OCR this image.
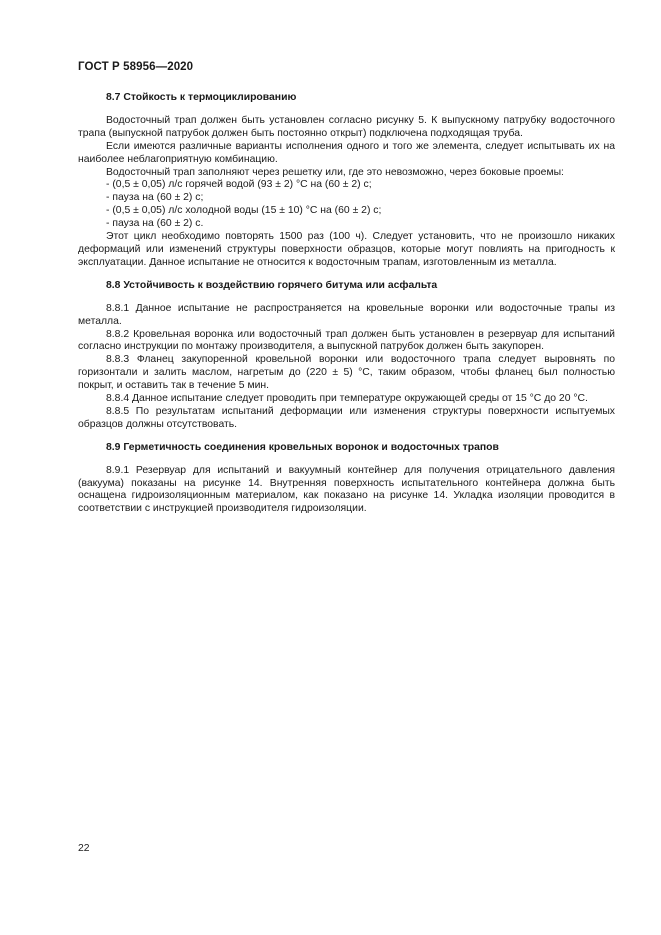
ГОСТ Р 58956—2020

8.7 Стойкость к термоциклированию

Водосточный трап должен быть установлен согласно рисунку 5. К выпускному патрубку водосточного трапа (выпускной патрубок должен быть постоянно открыт) подключена подходящая труба.

Если имеются различные варианты исполнения одного и того же элемента, следует испытывать их на наиболее неблагоприятную комбинацию.

Водосточный трап заполняют через решетку или, где это невозможно, через боковые проемы:

- (0,5 ± 0,05) л/с горячей водой (93 ± 2) °С на (60 ± 2) с;

- пауза на (60 ± 2) с;

- (0,5 ± 0,05) л/с холодной воды (15 ± 10) °С на (60 ± 2) с;

- пауза на (60 ± 2) с.

Этот цикл необходимо повторять 1500 раз (100 ч). Следует установить, что не произошло никаких деформаций или изменений структуры поверхности образцов, которые могут повлиять на пригодность к эксплуатации. Данное испытание не относится к водосточным трапам, изготовленным из металла.

8.8 Устойчивость к воздействию горячего битума или асфальта

8.8.1 Данное испытание не распространяется на кровельные воронки или водосточные трапы из металла.

8.8.2 Кровельная воронка или водосточный трап должен быть установлен в резервуар для испытаний согласно инструкции по монтажу производителя, а выпускной патрубок должен быть закупорен.

8.8.3 Фланец закупоренной кровельной воронки или водосточного трапа следует выровнять по горизонтали и залить маслом, нагретым до (220 ± 5) °С, таким образом, чтобы фланец был полностью покрыт, и оставить так в течение 5 мин.

8.8.4 Данное испытание следует проводить при температуре окружающей среды от 15 °С до 20 °С.

8.8.5 По результатам испытаний деформации или изменения структуры поверхности испытуемых образцов должны отсутствовать.

8.9 Герметичность соединения кровельных воронок и водосточных трапов

8.9.1 Резервуар для испытаний и вакуумный контейнер для получения отрицательного давления (вакуума) показаны на рисунке 14. Внутренняя поверхность испытательного контейнера должна быть оснащена гидроизоляционным материалом, как показано на рисунке 14. Укладка изоляции проводится в соответствии с инструкцией производителя гидроизоляции.

22
